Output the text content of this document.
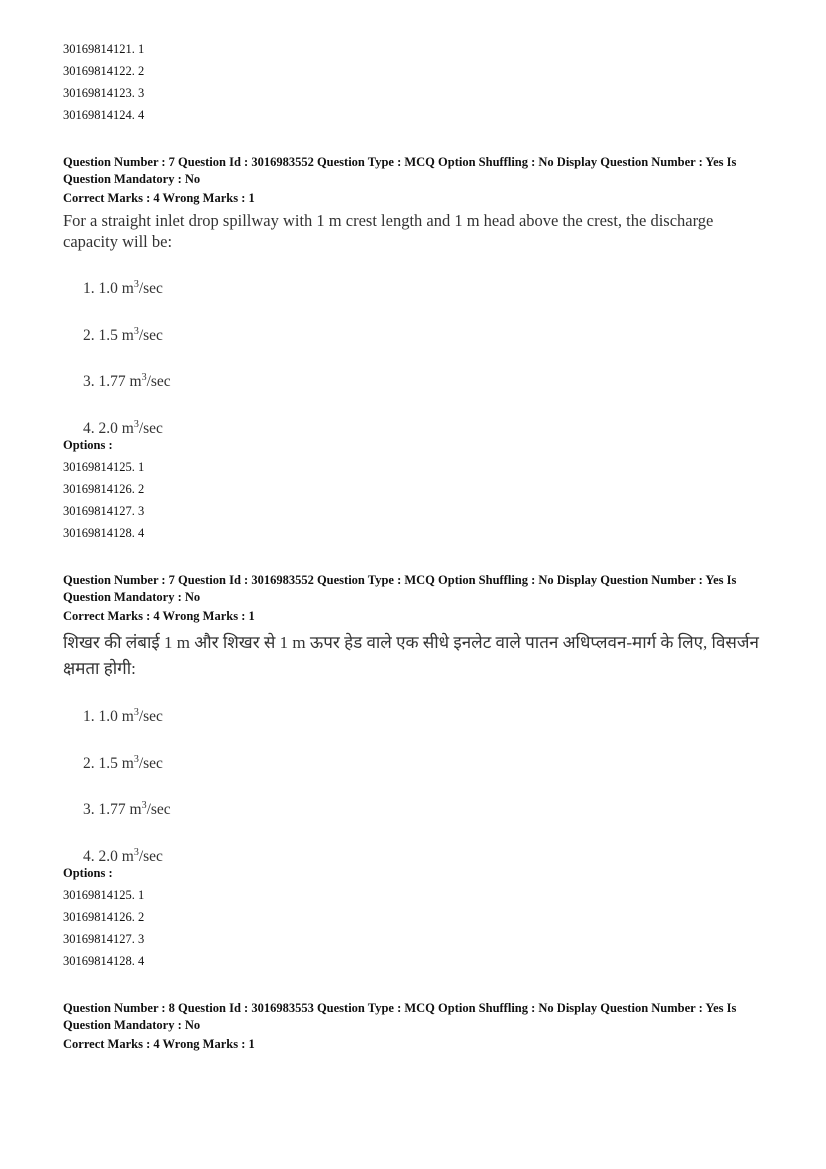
30169814121. 1
30169814122. 2
30169814123. 3
30169814124. 4
Question Number : 7 Question Id : 3016983552 Question Type : MCQ Option Shuffling : No Display Question Number : Yes Is Question Mandatory : No
Correct Marks : 4 Wrong Marks : 1
For a straight inlet drop spillway with 1 m crest length and 1 m head above the crest, the discharge capacity will be:
1. 1.0 $m^3/\sec$
2. 1.5 $m^3/\sec$
3. 1.77 $m^3/\sec$
4. 2.0 $m^3/\sec$
Options :
30169814125. 1
30169814126. 2
30169814127. 3
30169814128. 4
Question Number : 7 Question Id : 3016983552 Question Type : MCQ Option Shuffling : No Display Question Number : Yes Is Question Mandatory : No
Correct Marks : 4 Wrong Marks : 1
शिखर की लंबाई 1 m और शिखर से 1 m ऊपर हेड वाले एक सीधे इनलेट वाले पातन अधिप्लवन-मार्ग के लिए, विसर्जन क्षमता होगी:
1. 1.0 $m^3/\sec$
2. 1.5 $m^3/\sec$
3. 1.77 $m^3/\sec$
4. 2.0 $m^3/\sec$
Options :
30169814125. 1
30169814126. 2
30169814127. 3
30169814128. 4
Question Number : 8 Question Id : 3016983553 Question Type : MCQ Option Shuffling : No Display Question Number : Yes Is Question Mandatory : No
Correct Marks : 4 Wrong Marks : 1
